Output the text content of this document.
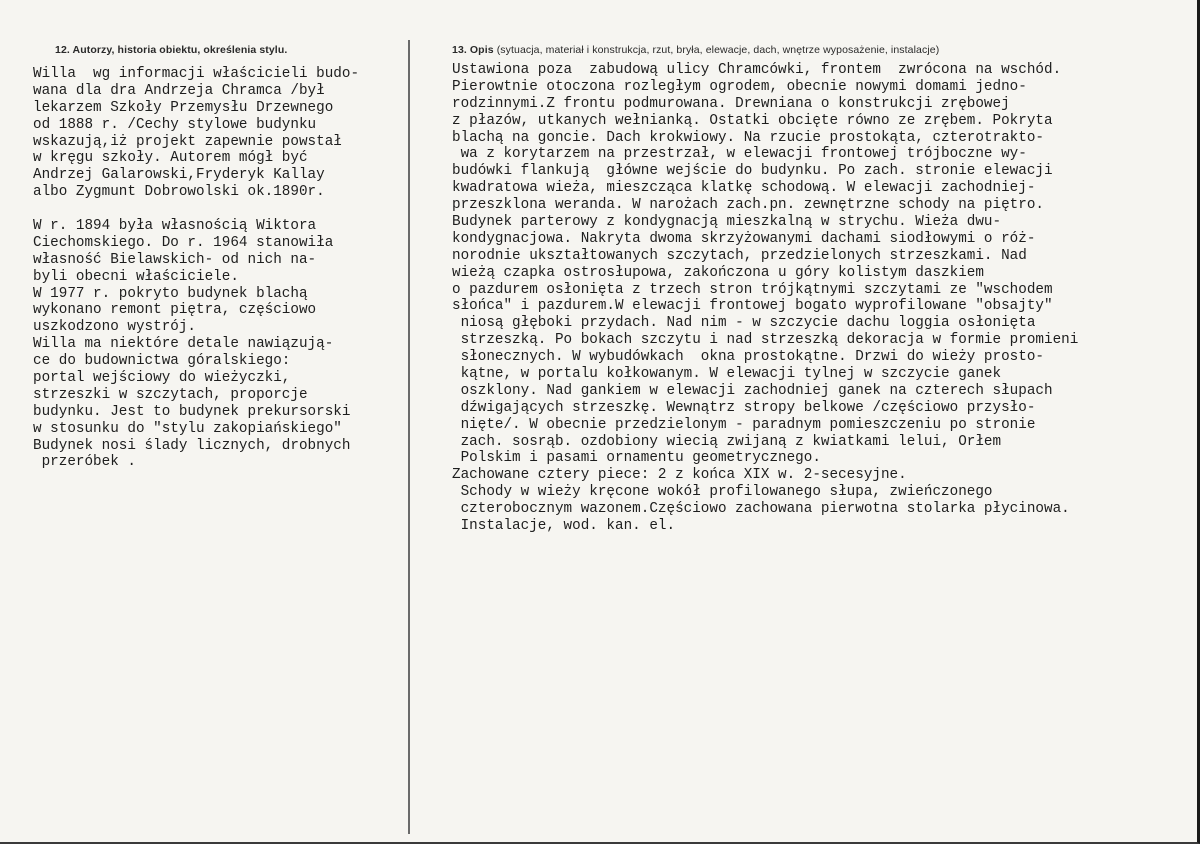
12. Autorzy, historia obiektu, określenia stylu.	13. Opis (sytuacja, materiał i konstrukcja, rzut, bryła, elewacje, dach, wnętrze wyposażenie, instalacje)
Willa  wg informacji właścicieli budo-
wana dla dra Andrzeja Chramca /był
lekarzem Szkoły Przemysłu Drzewnego
od 1888 r. /Cechy stylowe budynku
wskazują,iż projekt zapewnie powstał
w kręgu szkoły. Autorem mógł być
Andrzej Galarowski,Fryderyk Kallay
albo Zygmunt Dobrowolski ok.1890r.
W r. 1894 była własnością Wiktora
Ciechomskiego. Do r. 1964 stanowiła
własność Bielawskich- od nich na-
byli obecni właściciele.
W 1977 r. pokryto budynek blachą
wykonano remont piętra, częściowo
uszkodzono wystrój.
Willa ma niektóre detale nawiązują-
ce do budownictwa góralskiego:
portal wejściowy do wieżyczki,
strzeszki w szczytach, proporcje
budynku. Jest to budynek prekursorski
w stosunku do "stylu zakopiańskiego"
Budynek nosi ślady licznych, drobnych
przeróbek .
Ustawiona poza  zabudową ulicy Chramcówki, frontem  zwrócona na wschód.
Pierowtnie otoczona rozległym ogrodem, obecnie nowymi domami jedno-
rodzinnymi.Z frontu podmurowana. Drewniana o konstrukcji zrębowej
z płazów, utkanych wełnianką. Ostatki obcięte równo ze zrębem. Pokryta
blachą na goncie. Dach krokwiowy. Na rzucie prostokąta, czterotrakto-
wa z korytarzem na przestrzał, w elewacji frontowej trójboczne wy-
budówki flankują  główne wejście do budynku. Po zach. stronie elewacji
kwadratowa wieża, mieszcząca klatkę schodową. W elewacji zachodniej-
przeszklona weranda. W narożach zach.pn. zewnętrzne schody na piętro.
Budynek parterowy z kondygnacją mieszkalną w strychu. Wieża dwu-
kondygnacjowa. Nakryta dwoma skrzyżowanymi dachami siodłowymi o róż-
norodnie ukształtowanych szczytach, przedzielonych strzeszkami. Nad
wieżą czapka ostrosłupowa, zakończona u góry kolistym daszkiem
o pazdurem osłonięta z trzech stron trójkątnymi szczytami ze "wschodem
słońca" i pazdurem.W elewacji frontowej bogato wyprofilowane "obsajty"
niosą głęboki przydach. Nad nim - w szczycie dachu loggia osłonięta
strzeszką. Po bokach szczytu i nad strzeszką dekoracja w formie promieni
słonecznych. W wybudówkach  okna prostokątne. Drzwi do wieży prosto-
kątne, w portalu kołkowanym. W elewacji tylnej w szczycie ganek
oszklony. Nad gankiem w elewacji zachodniej ganek na czterech słupach
dźwigających strzeszkę. Wewnątrz stropy belkowe /częściowo przysło-
nięte/. W obecnie przedzielonym - paradnym pomieszczeniu po stronie
zach. sosrąb. ozdobiony wiecią zwijaną z kwiatkami lelui, Orłem
Polskim i pasami ornamentu geometrycznego.
Zachowane cztery piece: 2 z końca XIX w. 2-secesyjne.
Schody w wieży kręcone wokół profilowanego słupa, zwieńczonego
czterobocznym wazonem.Częściowo zachowana pierwotna stolarka płycinowa.
Instalacje, wod. kan. el.
